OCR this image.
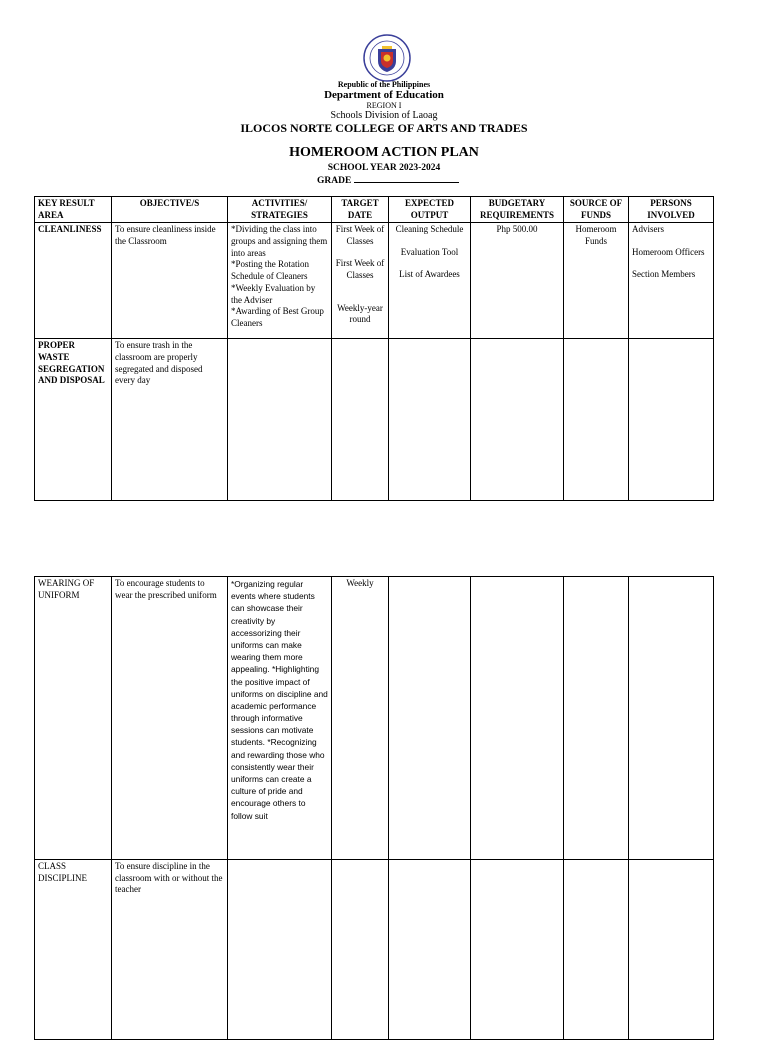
Republic of the Philippines
Department of Education
REGION I
Schools Division of Laoag
ILOCOS NORTE COLLEGE OF ARTS AND TRADES
HOMEROOM ACTION PLAN
SCHOOL YEAR 2023-2024
GRADE
KEY RESULT AREA	OBJECTIVE/S	ACTIVITIES/ STRATEGIES	TARGET DATE	EXPECTED OUTPUT	BUDGETARY REQUIREMENTS	SOURCE OF FUNDS	PERSONS INVOLVED
CLEANLINESS	To ensure cleanliness inside the Classroom	*Dividing the class into groups and assigning them into areas
*Posting the Rotation Schedule of Cleaners
*Weekly Evaluation by the Adviser
*Awarding of Best Group Cleaners	First Week of Classes
First Week of Classes
Weekly-year round	Cleaning Schedule
Evaluation Tool
List of Awardees	Php 500.00	Homeroom Funds	Advisers
Homeroom Officers
Section Members

PROPER WASTE SEGREGATION AND DISPOSAL	To ensure trash in the classroom are properly segregated and disposed every day						
WEARING OF UNIFORM	To encourage students to wear the prescribed uniform	*Organizing regular events where students can showcase their creativity by accessorizing their uniforms can make wearing them more appealing. *Highlighting the positive impact of uniforms on discipline and academic performance through informative sessions can motivate students. *Recognizing and rewarding those who consistently wear their uniforms can create a culture of pride and encourage others to follow suit	Weekly				
CLASS DISCIPLINE	To ensure discipline in the classroom with or without the teacher						
